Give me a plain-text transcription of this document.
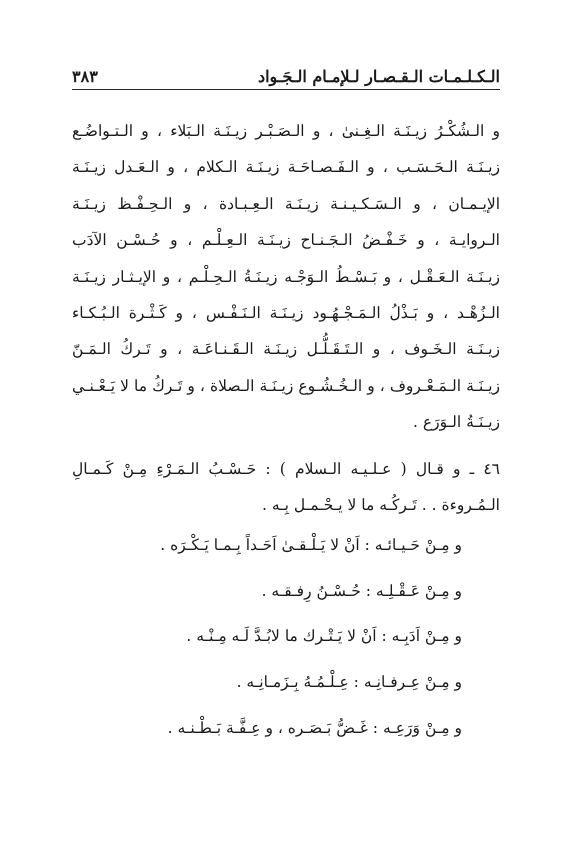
الـكـلـمـات الـقـصـار لـلإمـام الـجَـواد
٣٨٣
و الـشُكْـرُ زيـنَـة الـغِـنىٰ ، و الـصَـبْـر زيـنَـة الـبَلاء ، و الـتـواضُـع
زيـنَـة الـحَـسَـب ، و الـفَـصـاحَـة زيـنَـة الـكلام ، و الـعَـدل زيـنَـة
الإيـمـان ، و الـسَـكـيـنـة زيـنَـة الـعِـبـادة ، و الـحِـفْـظ زيـنَـة
الـروايـة ، و خَـفْـضُ الـجَـنـاح زيـنَـة الـعِـلْـم ، و حُـسْـن الآدَب
زيـنَـة الـعَـقْـل ، و بَـسْـطُ الـوَجْـه زيـنَـةُ الـحِـلْـم ، و الإيـثـار زيـنَـة
الـزُهْـد ، و بَـذْلُ الـمَـجْـهُـود زيـنَـة الـنَـفْـس ، و كَـثْـرة الـبُـكـاء
زيـنَـة الـخَـوف ، و الـتَـقَـلُّـل زيـنَـة الـقَـنـاعَـة ، و تَـركُ الـمَـنّ
زيـنَـة الـمَـعْـروف ، و الـخُـشُـوع زيـنَـة الـصلاة ، و تَـركُ ما لا يَـعْـنـي
زيـنَـةُ الـوَرَع .
٤٦ ـ و قـال ( عـلـيـه الـسلام ) : حَـسْـبُ الـمَـرْءِ مِـنْ كَـمـالِ
الـمُـروءة . . تَـركُـه ما لا يـحْـمـل بِـه .
و مِـنْ حَـيـائـه : اَنْ لا يَـلْـقـىٰ اَحَـداً بِـمـا يَـكْـرَه .
و مِـنْ عَـقْـلِـه : حُـسْـنُ رِفـقـه .
و مِـنْ اَدَبِـه : اَنْ لا يَـتْـرك ما لابُـدَّ لَـه مِـنْـه .
و مِـنْ عِـرفـانِـه : عِـلْـمُـهُ بِـزَمـانِـه .
و مِـنْ وَرَعِـه : غَـضُّ بَـصَـره ، و عِـفَّـة بَـطْـنـه .
